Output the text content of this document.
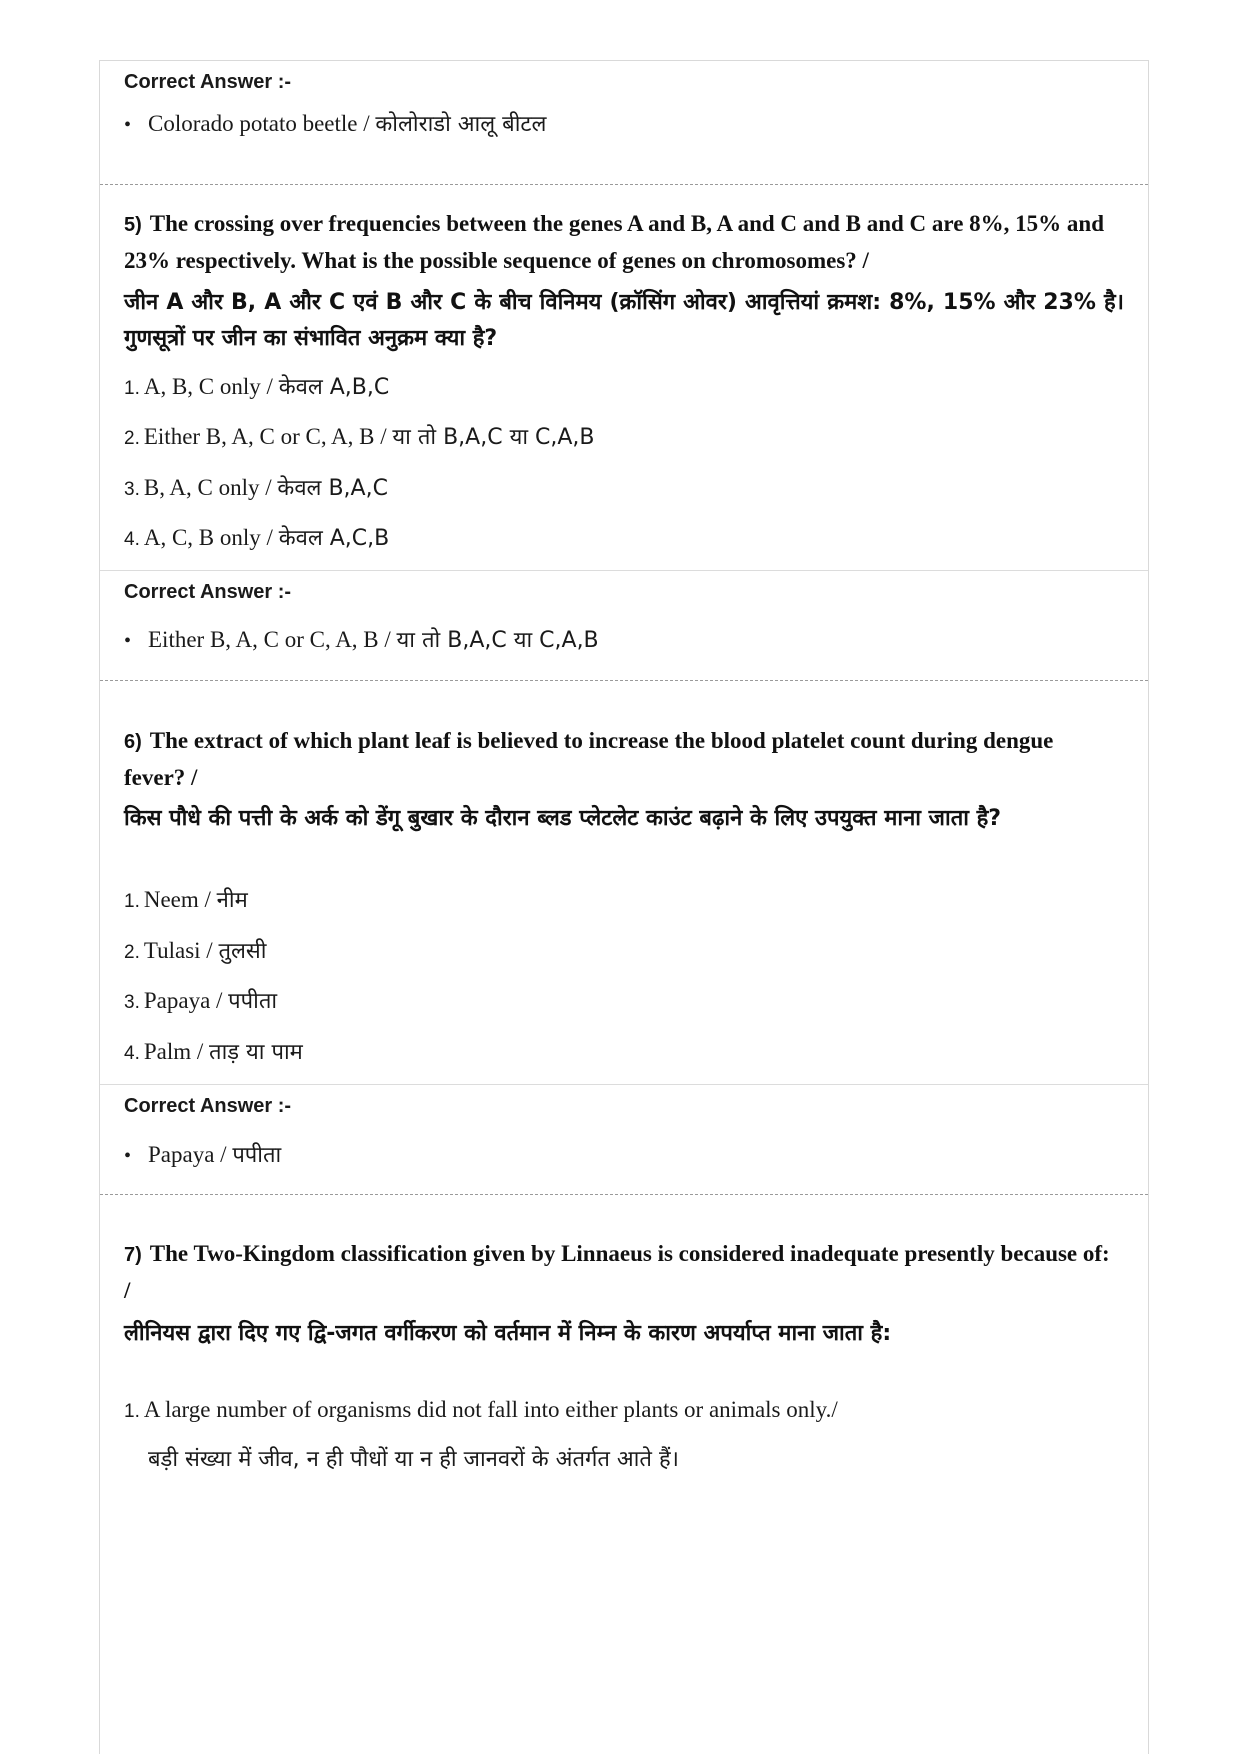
Correct Answer :-
• Colorado potato beetle / कोलोराडो आलू बीटल
5) The crossing over frequencies between the genes A and B, A and C and B and C are 8%, 15% and 23% respectively. What is the possible sequence of genes on chromosomes? /
जीन A और B, A और C एवं B और C के बीच विनिमय (क्रॉसिंग ओवर) आवृत्तियां क्रमश: 8%, 15% और 23% है। गुणसूत्रों पर जीन का संभावित अनुक्रम क्या है?
1. A, B, C only / केवल A,B,C
2. Either B, A, C or C, A, B / या तो B,A,C या C,A,B
3. B, A, C only / केवल B,A,C
4. A, C, B only / केवल A,C,B
Correct Answer :-
• Either B, A, C or C, A, B / या तो B,A,C या C,A,B
6) The extract of which plant leaf is believed to increase the blood platelet count during dengue fever? /
किस पौधे की पत्ती के अर्क को डेंगू बुखार के दौरान ब्लड प्लेटलेट काउंट बढ़ाने के लिए उपयुक्त माना जाता है?
1. Neem / नीम
2. Tulasi / तुलसी
3. Papaya / पपीता
4. Palm / ताड़ या पाम
Correct Answer :-
• Papaya / पपीता
7) The Two-Kingdom classification given by Linnaeus is considered inadequate presently because of: /
लीनियस द्वारा दिए गए द्वि-जगत वर्गीकरण को वर्तमान में निम्न के कारण अपर्याप्त माना जाता है:
1. A large number of organisms did not fall into either plants or animals only./
बड़ी संख्या में जीव, न ही पौधों या न ही जानवरों के अंतर्गत आते हैं।
